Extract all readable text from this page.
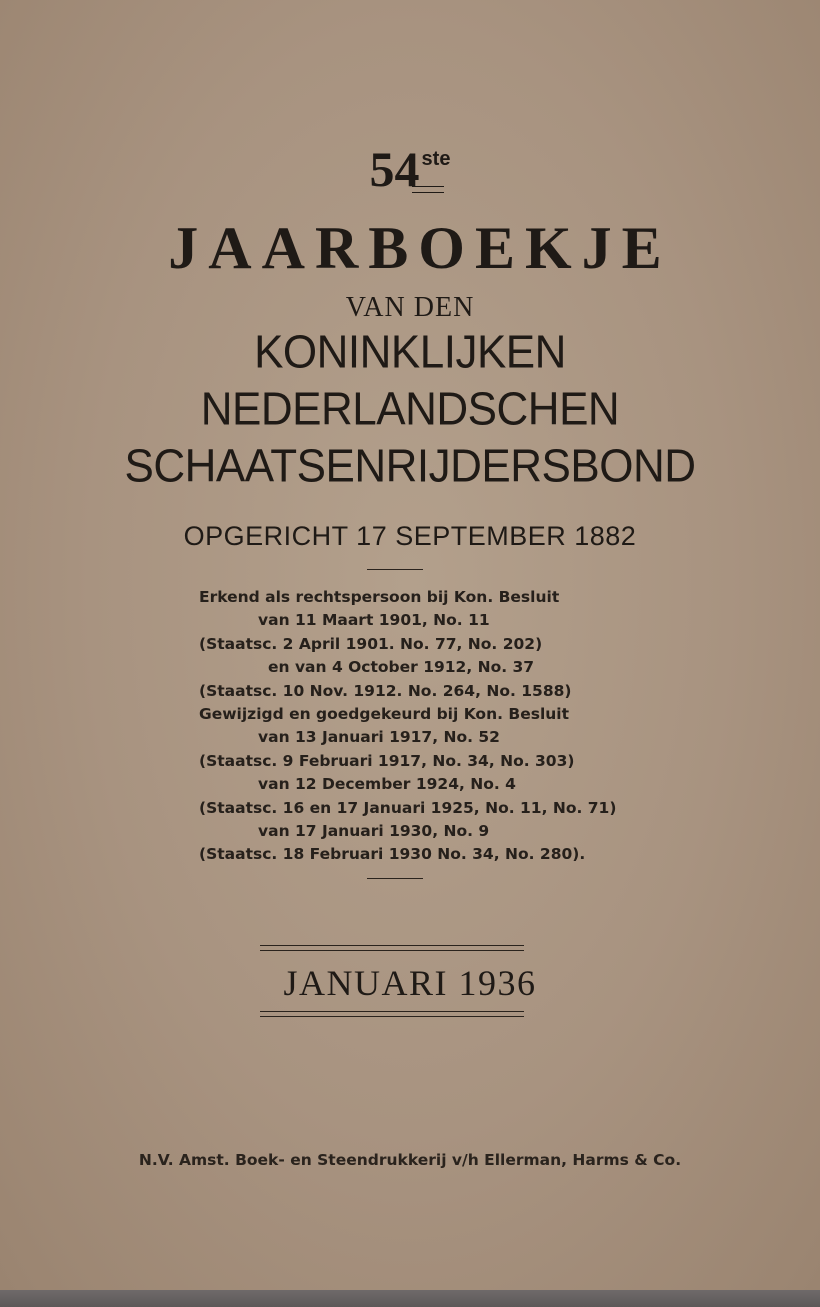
54 $^{ste}$
JAARBOEKJE
VAN DEN
KONINKLIJKEN
NEDERLANDSCHEN
SCHAATSENRIJDERSBOND
OPGERICHT 17 SEPTEMBER 1882
Erkend als rechtspersoon bij Kon. Besluit
van 11 Maart 1901, No. 11
(Staatsc. 2 April 1901. No. 77, No. 202)
en van 4 October 1912, No. 37
(Staatsc. 10 Nov. 1912. No. 264, No. 1588)
Gewijzigd en goedgekeurd bij Kon. Besluit
van 13 Januari 1917, No. 52
(Staatsc. 9 Februari 1917, No. 34, No. 303)
van 12 December 1924, No. 4
(Staatsc. 16 en 17 Januari 1925, No. 11, No. 71)
van 17 Januari 1930, No. 9
(Staatsc. 18 Februari 1930 No. 34, No. 280).
JANUARI 1936
N.V. Amst. Boek- en Steendrukkerij v/h Ellerman, Harms & Co.
